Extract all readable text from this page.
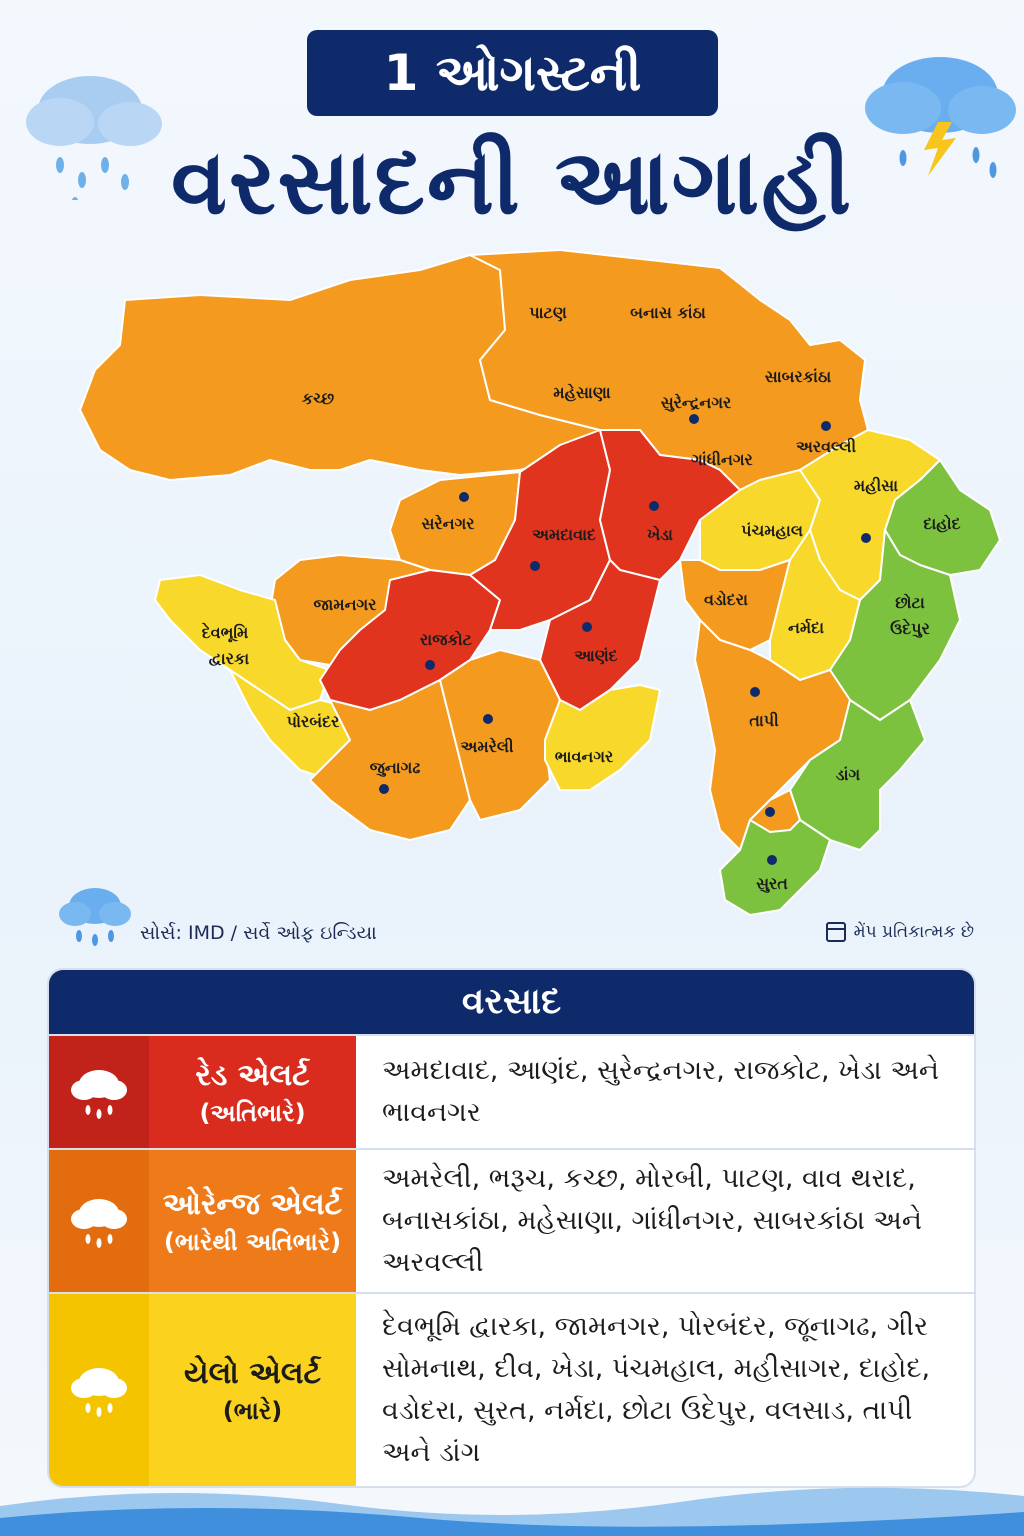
1 ઓગસ્ટની
વરસાદની આગાહી
કચ્છ
પાટણ	બનાસ કાંઠા
સાબરકાંઠા
મહેસાણા
સુરેન્દ્રનગર
અરવલ્લી
ગાંધીનગર
મહીસા
સરેનગર	દાહોદ
ખેડા
અમદાવાદ	પંચમહાલ
જામનગર	વડોદરા	છોટા
ઉદેપુર
દેવભૂમિ
દ્વારકા
નર્મદા
રાજકોટ
આણંદ
પોરબંદર	તાપી
અમરેલી
ભાવનગર
જુનાગઢ	ડાંગ
સુરત
સોર્સ: IMD / સર્વે ઓફ ઇન્ડિયા	મેંપ પ્રતિકાત્મક છે
વરસાદ
રેડ એલર્ટ
(અતિભારે)
અમદાવાદ, આણંદ, સુરેન્દ્રનગર, રાજકોટ, ખેડા અને ભાવનગર
ઓરેન્જ એલર્ટ
(ભારેથી અતિભારે)
અમરેલી, ભરૂચ, કચ્છ, મોરબી, પાટણ, વાવ થરાદ, બનાસકાંઠા, મહેસાણા, ગાંધીનગર, સાબરકાંઠા અને અરવલ્લી
યેલો એલર્ટ
(ભારે)
દેવભૂમિ દ્વારકા, જામનગર, પોરબંદર, જૂનાગઢ, ગીર સોમનાથ, દીવ, ખેડા, પંચમહાલ, મહીસાગર, દાહોદ, વડોદરા, સુરત, નર્મદા, છોટા ઉદેપુર, વલસાડ, તાપી અને ડાંગ
